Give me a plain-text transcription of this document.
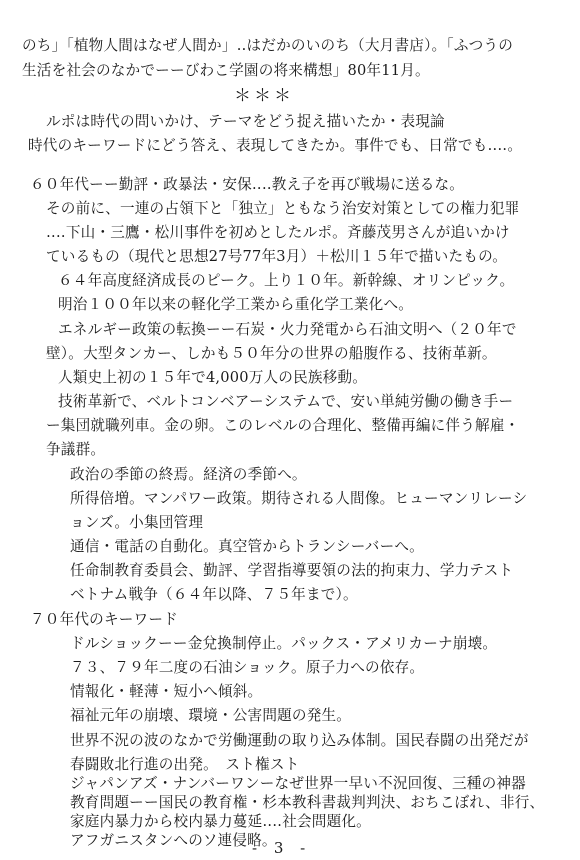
のち」「植物人間はなぜ人間か」‥はだかのいのち（大月書店）。「ふつうの
生活を社会のなかでーーびわこ学園の将来構想」80年11月。
＊＊＊
ルポは時代の問いかけ、テーマをどう捉え描いたか・表現論
時代のキーワードにどう答え、表現してきたか。事件でも、日常でも‥‥。
６０年代ーー勤評・政暴法・安保‥‥教え子を再び戦場に送るな。
その前に、一連の占領下と「独立」ともなう治安対策としての権力犯罪
‥‥下山・三鷹・松川事件を初めとしたルポ。斉藤茂男さんが追いかけ
ているもの（現代と思想27号77年3月）＋松川１５年で描いたもの。
６４年高度経済成長のピーク。上り１０年。新幹線、オリンピック。
明治１００年以来の軽化学工業から重化学工業化へ。
エネルギー政策の転換ーー石炭・火力発電から石油文明へ（２０年で
壁）。大型タンカー、しかも５０年分の世界の船腹作る、技術革新。
人類史上初の１５年で4,000万人の民族移動。
技術革新で、ベルトコンベアーシステムで、安い単純労働の働き手ー
ー集団就職列車。金の卵。このレベルの合理化、整備再編に伴う解雇・
争議群。
政治の季節の終焉。経済の季節へ。
所得倍増。マンパワー政策。期待される人間像。ヒューマンリレーシ
ョンズ。小集団管理
通信・電話の自動化。真空管からトランシーバーへ。
任命制教育委員会、勤評、学習指導要領の法的拘束力、学力テスト
ベトナム戦争（６４年以降、７５年まで）。
７０年代のキーワード
ドルショックーー金兌換制停止。パックス・アメリカーナ崩壊。
７３、７９年二度の石油ショック。原子力への依存。
情報化・軽薄・短小へ傾斜。
福祉元年の崩壊、環境・公害問題の発生。
世界不況の波のなかで労働運動の取り込み体制。国民春闘の出発だが
春闘敗北行進の出発。　スト権スト
ジャパンアズ・ナンバーワンーなぜ世界一早い不況回復、三種の神器
教育問題ーー国民の教育権・杉本教科書裁判判決、おちこぼれ、非行、
家庭内暴力から校内暴力蔓延‥‥社会問題化。
アフガニスタンへのソ連侵略。
- 3 -
